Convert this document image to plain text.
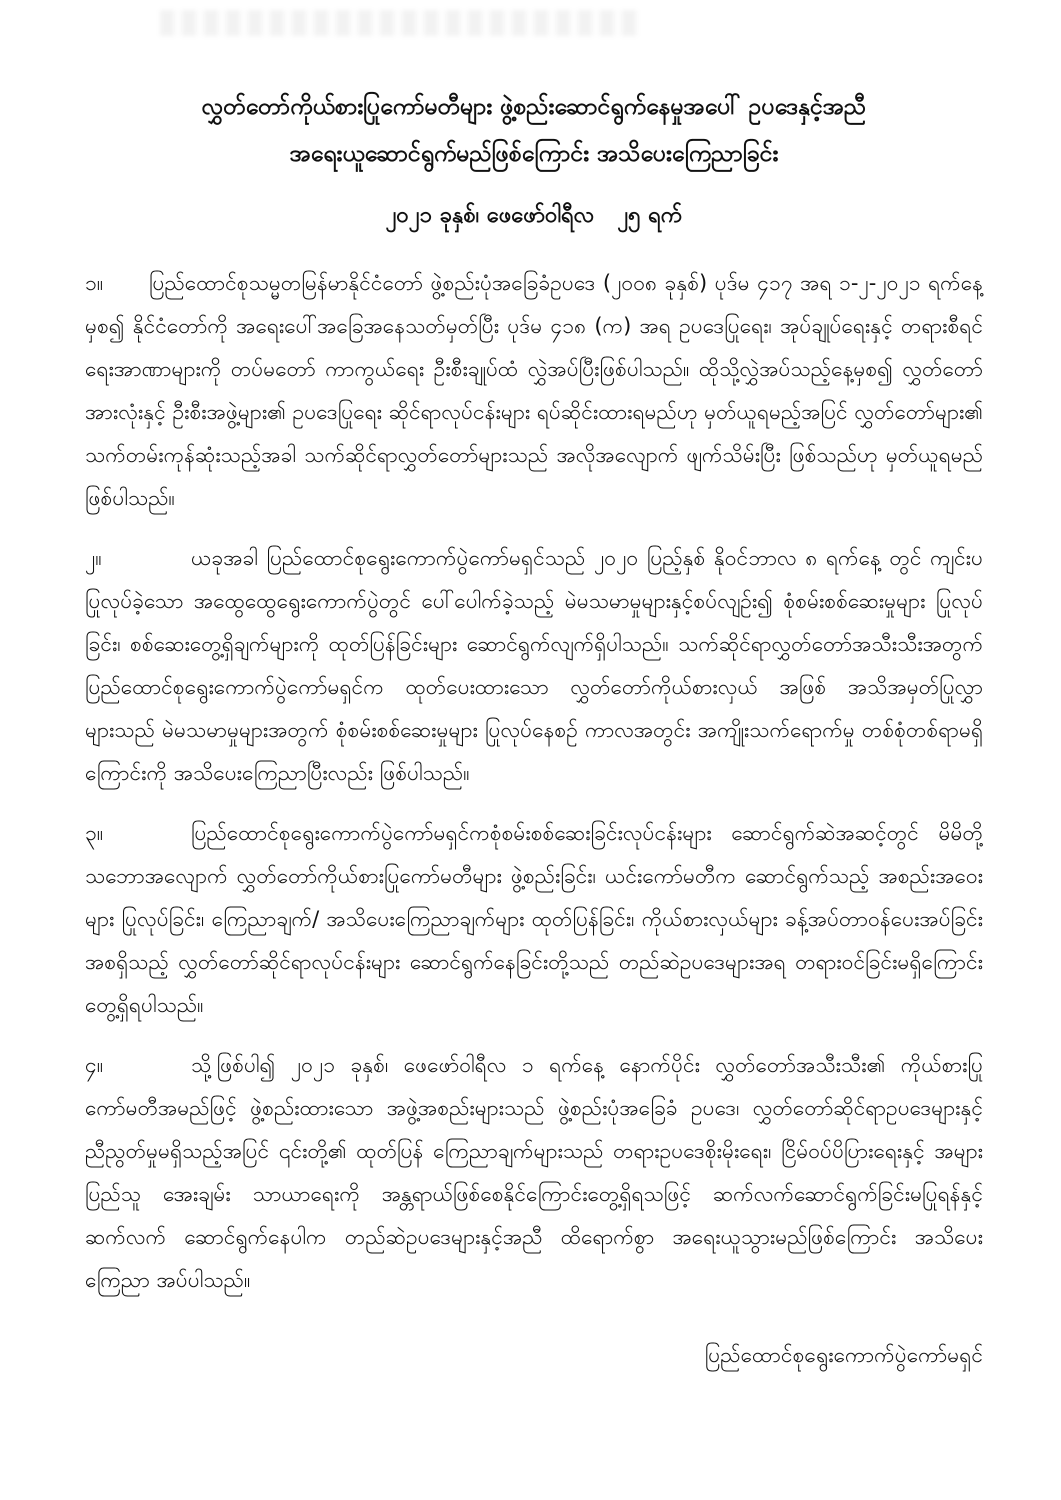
လွှတ်တော်ကိုယ်စားပြုကော်မတီများ ဖွဲ့စည်းဆောင်ရွက်နေမှုအပေါ် ဥပဒေနှင့်အညီ
အရေးယူဆောင်ရွက်မည်ဖြစ်ကြောင်း အသိပေးကြေညာခြင်း
၂၀၂၁ ခုနှစ်၊ ဖေဖော်ဝါရီလ   ၂၅ ရက်

၁။ ပြည်ထောင်စုသမ္မတမြန်မာနိုင်ငံတော် ဖွဲ့စည်းပုံအခြေခံဥပဒေ (၂၀၀၈ ခုနှစ်) ပုဒ်မ ၄၁၇ အရ ၁-၂-၂၀၂၁ ရက်နေ့မှစ၍ နိုင်ငံတော်ကို အရေးပေါ်အခြေအနေသတ်မှတ်ပြီး ပုဒ်မ ၄၁၈ (က) အရ ဥပဒေပြုရေး၊ အုပ်ချုပ်ရေးနှင့် တရားစီရင်ရေးအာဏာများကို တပ်မတော် ကာကွယ်ရေး ဦးစီးချုပ်ထံ လွှဲအပ်ပြီးဖြစ်ပါသည်။ ထိုသို့လွှဲအပ်သည့်နေ့မှစ၍ လွှတ်တော်အားလုံးနှင့် ဦးစီးအဖွဲ့များ၏ ဥပဒေပြုရေး ဆိုင်ရာလုပ်ငန်းများ ရပ်ဆိုင်းထားရမည်ဟု မှတ်ယူရမည့်အပြင် လွှတ်တော်များ၏ သက်တမ်းကုန်ဆုံးသည့်အခါ သက်ဆိုင်ရာလွှတ်တော်များသည် အလိုအလျောက် ဖျက်သိမ်းပြီး ဖြစ်သည်ဟု မှတ်ယူရမည်ဖြစ်ပါသည်။

၂။	ယခုအခါ ပြည်ထောင်စုရွေးကောက်ပွဲကော်မရှင်သည် ၂၀၂၀ ပြည့်နှစ် နိုဝင်ဘာလ ၈ ရက်နေ့ တွင် ကျင်းပပြုလုပ်ခဲ့သော အထွေထွေရွေးကောက်ပွဲတွင် ပေါ်ပေါက်ခဲ့သည့် မဲမသမာမှုများနှင့်စပ်လျဉ်း၍ စုံစမ်းစစ်ဆေးမှုများ ပြုလုပ်ခြင်း၊ စစ်ဆေးတွေ့ရှိချက်များကို ထုတ်ပြန်ခြင်းများ ဆောင်ရွက်လျက်ရှိပါသည်။ သက်ဆိုင်ရာလွှတ်တော်အသီးသီးအတွက် ပြည်ထောင်စုရွေးကောက်ပွဲကော်မရှင်က ထုတ်ပေးထားသော လွှတ်တော်ကိုယ်စားလှယ် အဖြစ် အသိအမှတ်ပြုလွှာများသည် မဲမသမာမှုများအတွက် စုံစမ်းစစ်ဆေးမှုများ ပြုလုပ်နေစဉ် ကာလအတွင်း အကျိုးသက်ရောက်မှု တစ်စုံတစ်ရာမရှိကြောင်းကို အသိပေးကြေညာပြီးလည်း ဖြစ်ပါသည်။

၃။	ပြည်ထောင်စုရွေးကောက်ပွဲကော်မရှင်ကစုံစမ်းစစ်ဆေးခြင်းလုပ်ငန်းများ ဆောင်ရွက်ဆဲအဆင့်တွင် မိမိတို့ သဘောအလျောက် လွှတ်တော်ကိုယ်စားပြုကော်မတီများ ဖွဲ့စည်းခြင်း၊ ယင်းကော်မတီက ဆောင်ရွက်သည့် အစည်းအဝေးများ ပြုလုပ်ခြင်း၊ ကြေညာချက်/ အသိပေးကြေညာချက်များ ထုတ်ပြန်ခြင်း၊ ကိုယ်စားလှယ်များ ခန့်အပ်တာဝန်ပေးအပ်ခြင်း အစရှိသည့် လွှတ်တော်ဆိုင်ရာလုပ်ငန်းများ ဆောင်ရွက်နေခြင်းတို့သည် တည်ဆဲဥပဒေများအရ တရားဝင်ခြင်းမရှိကြောင်း တွေ့ရှိရပါသည်။

၄။	သို့ဖြစ်ပါ၍ ၂၀၂၁ ခုနှစ်၊ ဖေဖော်ဝါရီလ ၁ ရက်နေ့ နောက်ပိုင်း လွှတ်တော်အသီးသီး၏ ကိုယ်စားပြုကော်မတီအမည်ဖြင့် ဖွဲ့စည်းထားသော အဖွဲ့အစည်းများသည် ဖွဲ့စည်းပုံအခြေခံ ဥပဒေ၊ လွှတ်တော်ဆိုင်ရာဥပဒေများနှင့် ညီညွတ်မှုမရှိသည့်အပြင် ၎င်းတို့၏ ထုတ်ပြန် ကြေညာချက်များသည် တရားဥပဒေစိုးမိုးရေး၊ ငြိမ်ဝပ်ပိပြားရေးနှင့် အများပြည်သူ အေးချမ်း သာယာရေးကို အန္တရာယ်ဖြစ်စေနိုင်ကြောင်းတွေ့ရှိရသဖြင့် ဆက်လက်ဆောင်ရွက်ခြင်းမပြုရန်နှင့် ဆက်လက် ဆောင်ရွက်နေပါက တည်ဆဲဥပဒေများနှင့်အညီ ထိရောက်စွာ အရေးယူသွားမည်ဖြစ်ကြောင်း အသိပေး ကြေညာ အပ်ပါသည်။

ပြည်ထောင်စုရွေးကောက်ပွဲကော်မရှင်
